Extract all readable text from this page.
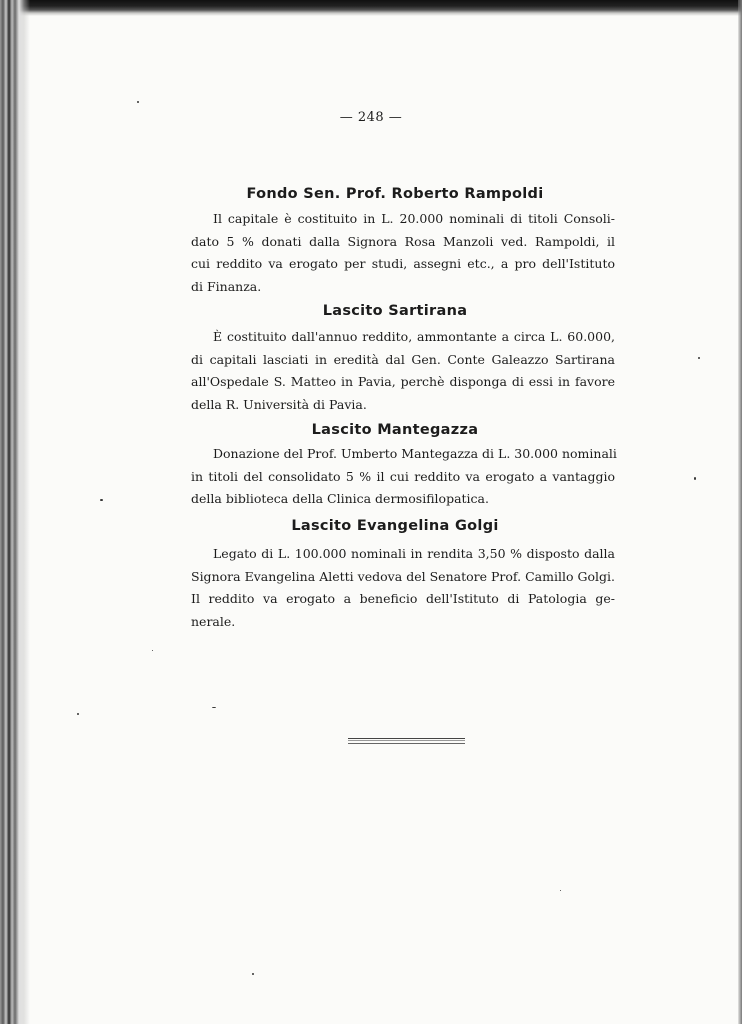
— 248 —
Fondo Sen. Prof. Roberto Rampoldi
Il capitale è costituito in L. 20.000 nominali di titoli Consoli-
dato 5 % donati dalla Signora Rosa Manzoli ved. Rampoldi, il
cui reddito va erogato per studi, assegni etc., a pro dell'Istituto
di Finanza.
Lascito Sartirana
È costituito dall'annuo reddito, ammontante a circa L. 60.000,
di capitali lasciati in eredità dal Gen. Conte Galeazzo Sartirana
all'Ospedale S. Matteo in Pavia, perchè disponga di essi in favore
della R. Università di Pavia.
Lascito Mantegazza
Donazione del Prof. Umberto Mantegazza di L. 30.000 nominali
in titoli del consolidato 5 % il cui reddito va erogato a vantaggio
della biblioteca della Clinica dermosifilopatica.
Lascito Evangelina Golgi
Legato di L. 100.000 nominali in rendita 3,50 % disposto dalla
Signora Evangelina Aletti vedova del Senatore Prof. Camillo Golgi.
Il reddito va erogato a beneficio dell'Istituto di Patologia ge-
nerale.
